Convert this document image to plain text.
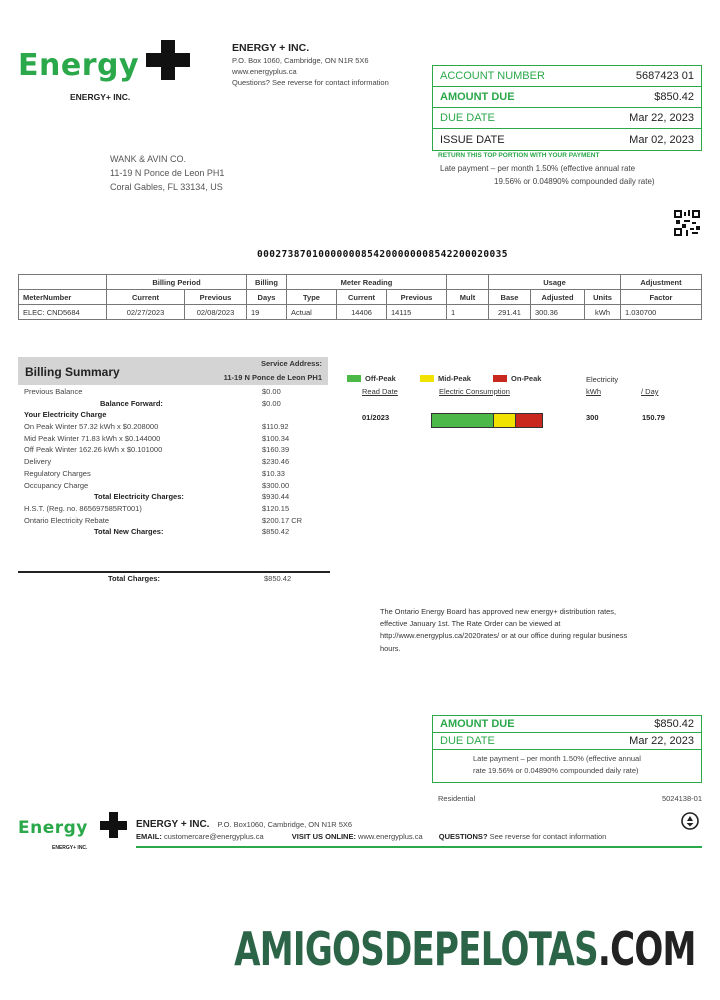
Energy
ENERGY+ INC.
ENERGY + INC.
P.O. Box 1060, Cambridge, ON N1R 5X6
www.energyplus.ca
Questions? See reverse for contact information
ACCOUNT NUMBER	5687423 01
AMOUNT DUE	$850.42
DUE DATE	Mar 22, 2023
ISSUE DATE	Mar 02, 2023
RETURN THIS TOP PORTION WITH YOUR PAYMENT
Late payment – per month 1.50% (effective annual rate
19.56% or 0.04890% compounded daily rate)
WANK & AVIN CO.
11-19 N Ponce de Leon PH1
Coral Gables, FL 33134, US
00027387010000000854200000008542200020035
	Billing Period		Billing	Meter Reading				Usage			Adjustment
MeterNumber	Current	Previous	Days	Type	Current	Previous	Mult	Base	Adjusted	Units	Factor
ELEC: CND5684	02/27/2023	02/08/2023	19	Actual	14406	14115	1	291.41	300.36	kWh	1.030700
Billing Summary
Service Address:
11-19 N Ponce de Leon PH1
Previous Balance	$0.00
Balance Forward:	$0.00
Your Electricity Charge
On Peak Winter 57.32 kWh x $0.208000	$110.92
Mid Peak Winter 71.83 kWh x $0.144000	$100.34
Off Peak Winter 162.26 kWh x $0.101000	$160.39
Delivery	$230.46
Regulatory Charges	$10.33
Occupancy Charge	$300.00
Total Electricity Charges:	$930.44
H.S.T. (Reg. no. 865697585RT001)	$120.15
Ontario Electricity Rebate	$200.17 CR
Total New Charges:	$850.42
Total Charges:	$850.42
Off-Peak	Mid-Peak	On-Peak
Read Date	Electric Consumption
Electricity
kWh	/ Day
01/2023	300	150.79
The Ontario Energy Board has approved new energy+ distribution rates,
effective January 1st. The Rate Order can be viewed at
http://www.energyplus.ca/2020rates/ or at our office during regular business
hours.
AMOUNT DUE	$850.42
DUE DATE	Mar 22, 2023
Late payment – per month 1.50% (effective annual
rate 19.56% or 0.04890% compounded daily rate)
Residential	5024138-01
Energy
ENERGY+ INC.
ENERGY + INC. P.O. Box1060, Cambridge, ON N1R 5X6
EMAIL: customercare@energyplus.ca	VISIT US ONLINE: www.energyplus.ca QUESTIONS? See reverse for contact information
AMIGOSDEPELOTAS.COM
